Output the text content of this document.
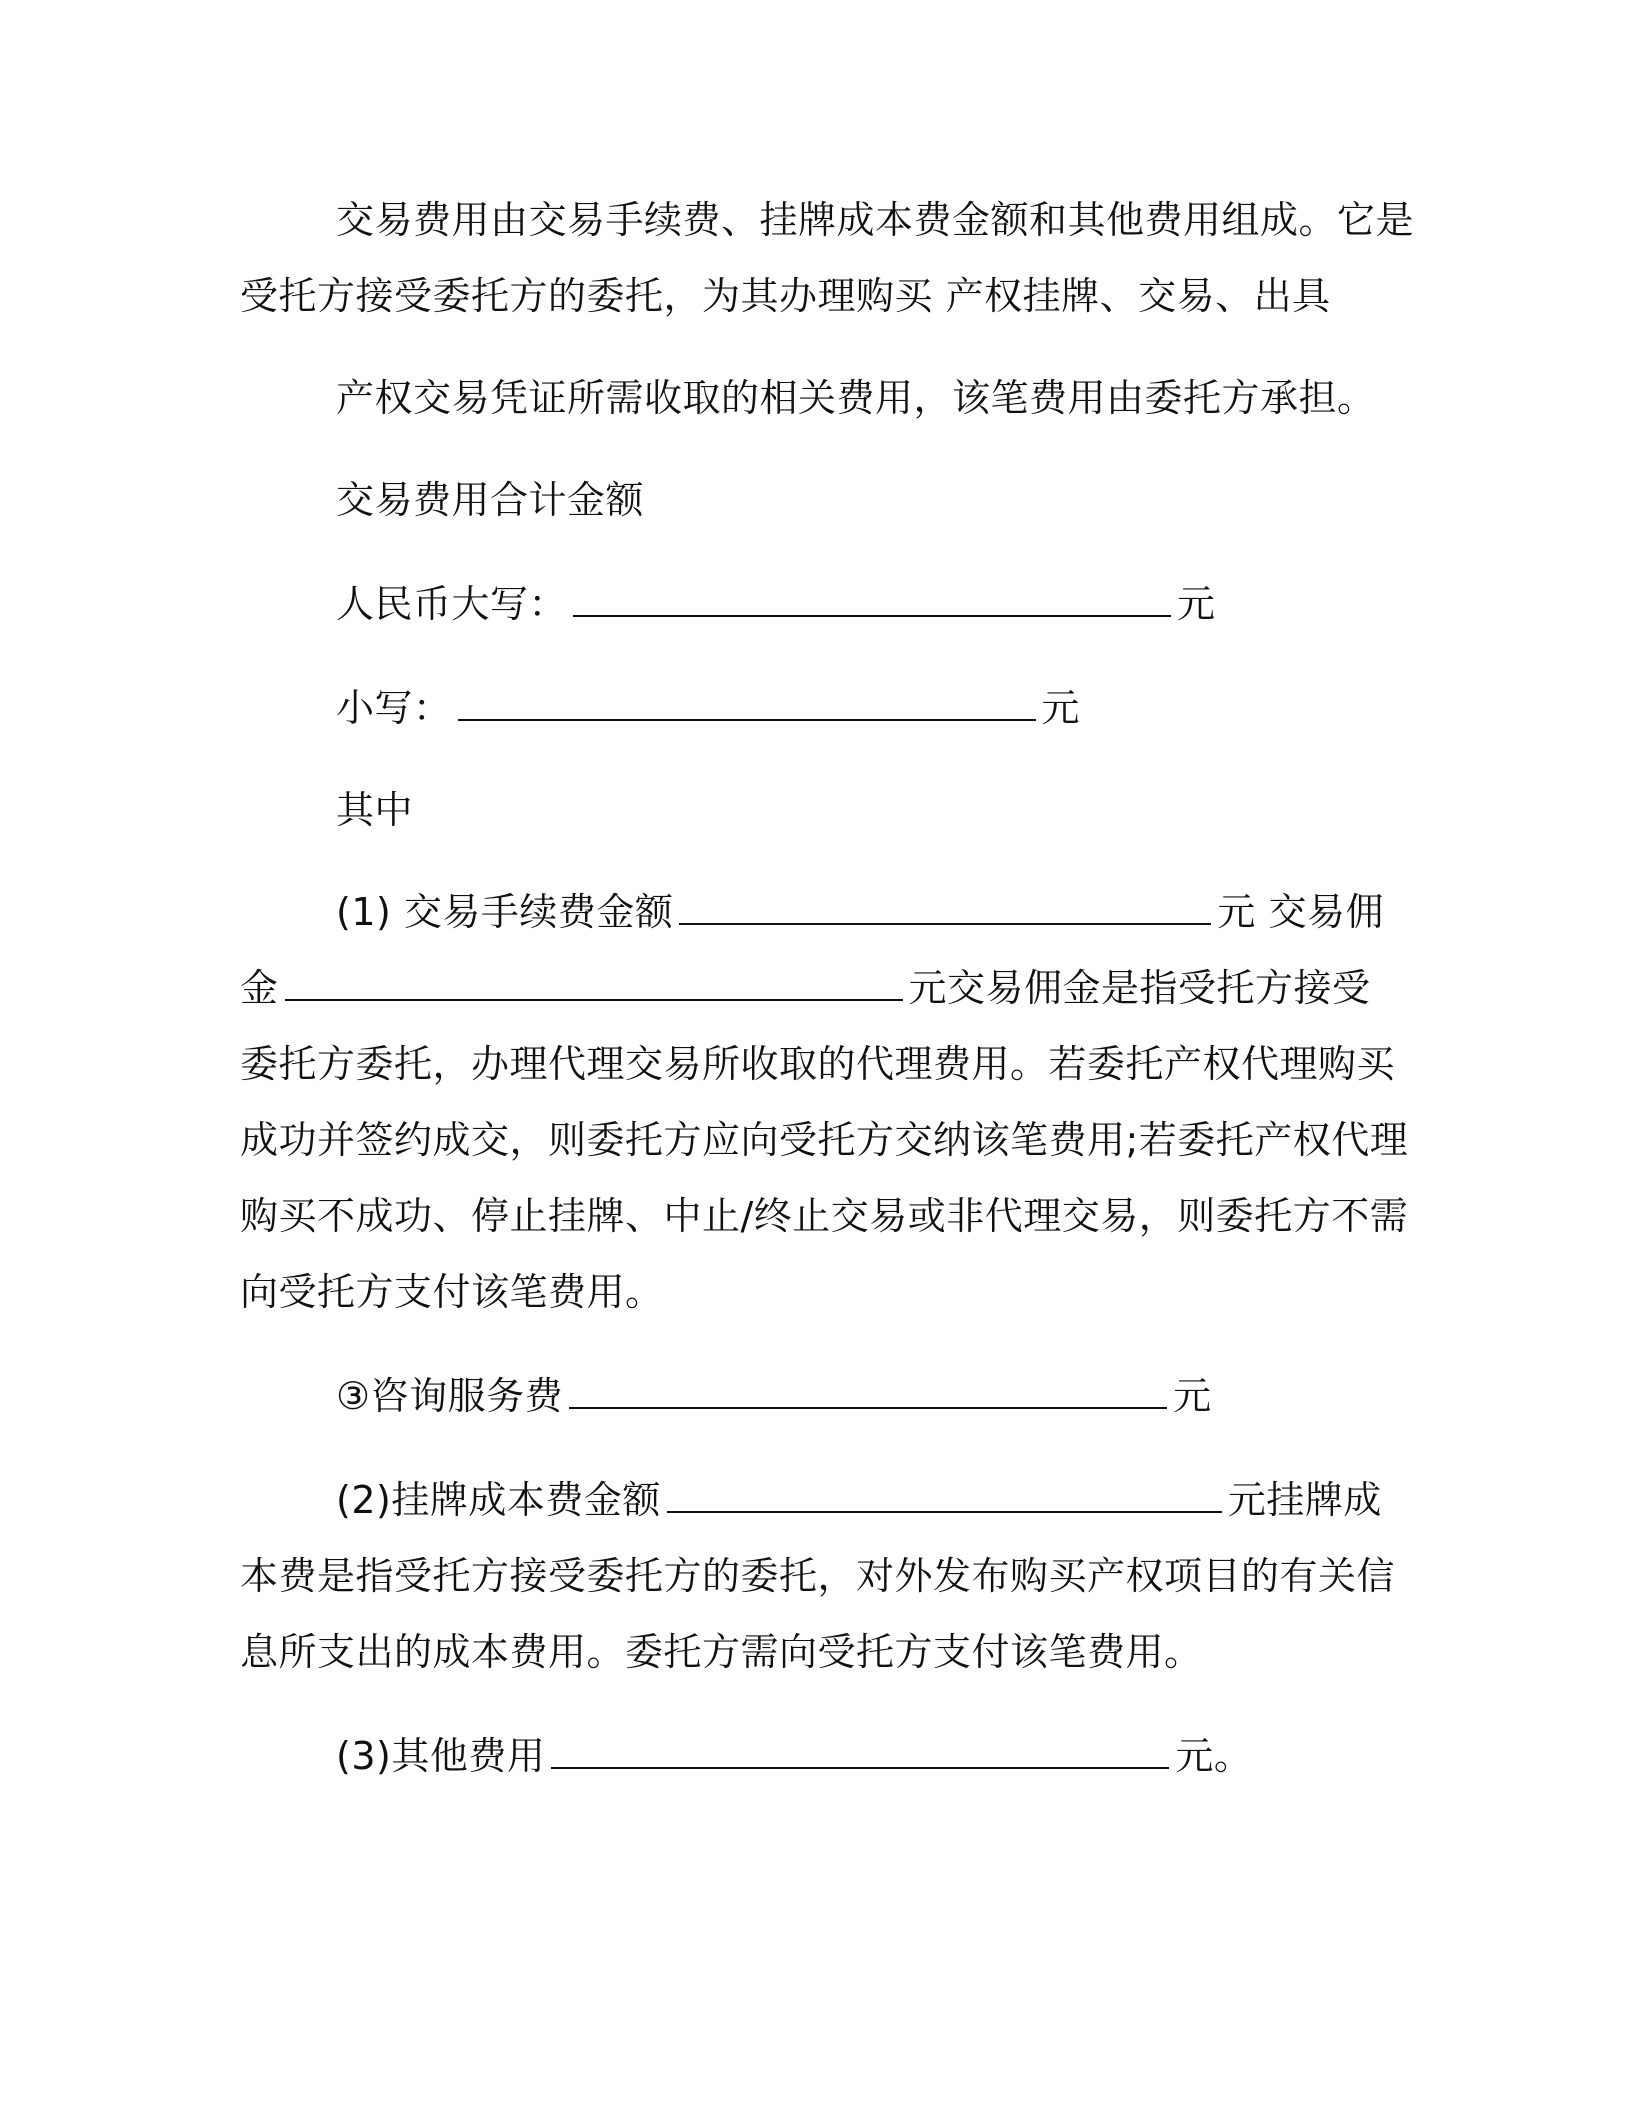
交易费用由交易手续费、挂牌成本费金额和其他费用组成。它是
受托方接受委托方的委托，为其办理购买 产权挂牌、交易、出具
产权交易凭证所需收取的相关费用，该笔费用由委托方承担。
交易费用合计金额
人民币大写：	元
小写：	元
其中
(1) 交易手续费金额	元 交易佣
金	元交易佣金是指受托方接受
委托方委托，办理代理交易所收取的代理费用。若委托产权代理购买
成功并签约成交，则委托方应向受托方交纳该笔费用;若委托产权代理
购买不成功、停止挂牌、中止/终止交易或非代理交易，则委托方不需
向受托方支付该笔费用。
③咨询服务费	元
(2)挂牌成本费金额	元挂牌成
本费是指受托方接受委托方的委托，对外发布购买产权项目的有关信
息所支出的成本费用。委托方需向受托方支付该笔费用。
(3)其他费用	元。
